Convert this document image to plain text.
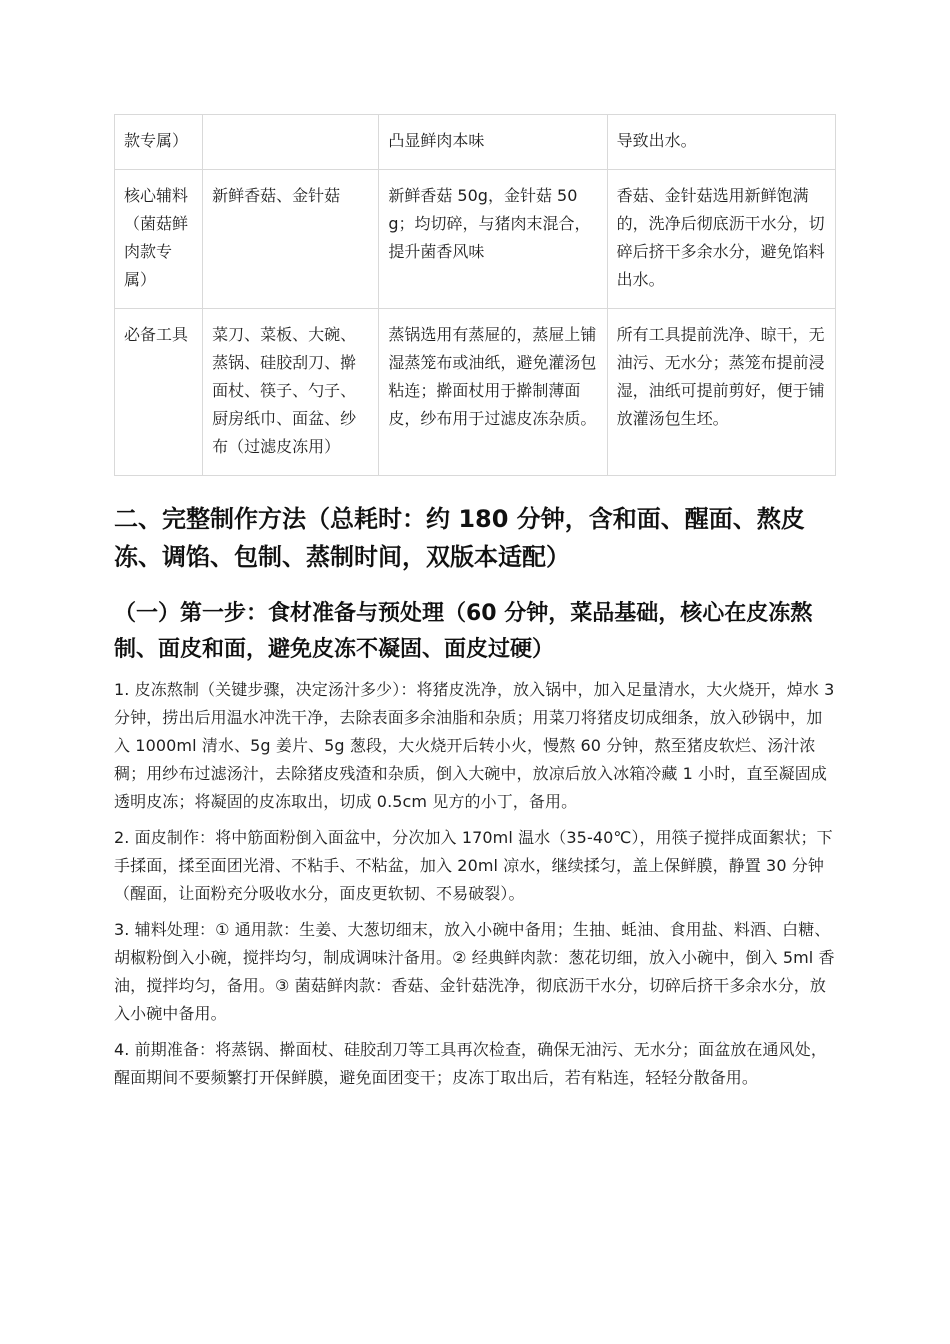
款专属）		凸显鲜肉本味	导致出水。
核心辅料（菌菇鲜肉款专属）	新鲜香菇、金针菇	新鲜香菇 50g，金针菇 50g；均切碎，与猪肉末混合，提升菌香风味	香菇、金针菇选用新鲜饱满的，洗净后彻底沥干水分，切碎后挤干多余水分，避免馅料出水。
必备工具	菜刀、菜板、大碗、蒸锅、硅胶刮刀、擀面杖、筷子、勺子、厨房纸巾、面盆、纱布（过滤皮冻用）	蒸锅选用有蒸屉的，蒸屉上铺湿蒸笼布或油纸，避免灌汤包粘连；擀面杖用于擀制薄面皮，纱布用于过滤皮冻杂质。	所有工具提前洗净、晾干，无油污、无水分；蒸笼布提前浸湿，油纸可提前剪好，便于铺放灌汤包生坯。
二、完整制作方法（总耗时：约 180 分钟，含和面、醒面、熬皮冻、调馅、包制、蒸制时间，双版本适配）
（一）第一步：食材准备与预处理（60 分钟，菜品基础，核心在皮冻熬制、面皮和面，避免皮冻不凝固、面皮过硬）

1. 皮冻熬制（关键步骤，决定汤汁多少）：将猪皮洗净，放入锅中，加入足量清水，大火烧开，焯水 3 分钟，捞出后用温水冲洗干净，去除表面多余油脂和杂质；用菜刀将猪皮切成细条，放入砂锅中，加入 1000ml 清水、5g 姜片、5g 葱段，大火烧开后转小火，慢熬 60 分钟，熬至猪皮软烂、汤汁浓稠；用纱布过滤汤汁，去除猪皮残渣和杂质，倒入大碗中，放凉后放入冰箱冷藏 1 小时，直至凝固成透明皮冻；将凝固的皮冻取出，切成 0.5cm 见方的小丁，备用。

2. 面皮制作：将中筋面粉倒入面盆中，分次加入 170ml 温水（35-40℃），用筷子搅拌成面絮状；下手揉面，揉至面团光滑、不粘手、不粘盆，加入 20ml 凉水，继续揉匀，盖上保鲜膜，静置 30 分钟（醒面，让面粉充分吸收水分，面皮更软韧、不易破裂）。

3. 辅料处理：① 通用款：生姜、大葱切细末，放入小碗中备用；生抽、蚝油、食用盐、料酒、白糖、胡椒粉倒入小碗，搅拌均匀，制成调味汁备用。② 经典鲜肉款：葱花切细，放入小碗中，倒入 5ml 香油，搅拌均匀，备用。③ 菌菇鲜肉款：香菇、金针菇洗净，彻底沥干水分，切碎后挤干多余水分，放入小碗中备用。

4. 前期准备：将蒸锅、擀面杖、硅胶刮刀等工具再次检查，确保无油污、无水分；面盆放在通风处，醒面期间不要频繁打开保鲜膜，避免面团变干；皮冻丁取出后，若有粘连，轻轻分散备用。
